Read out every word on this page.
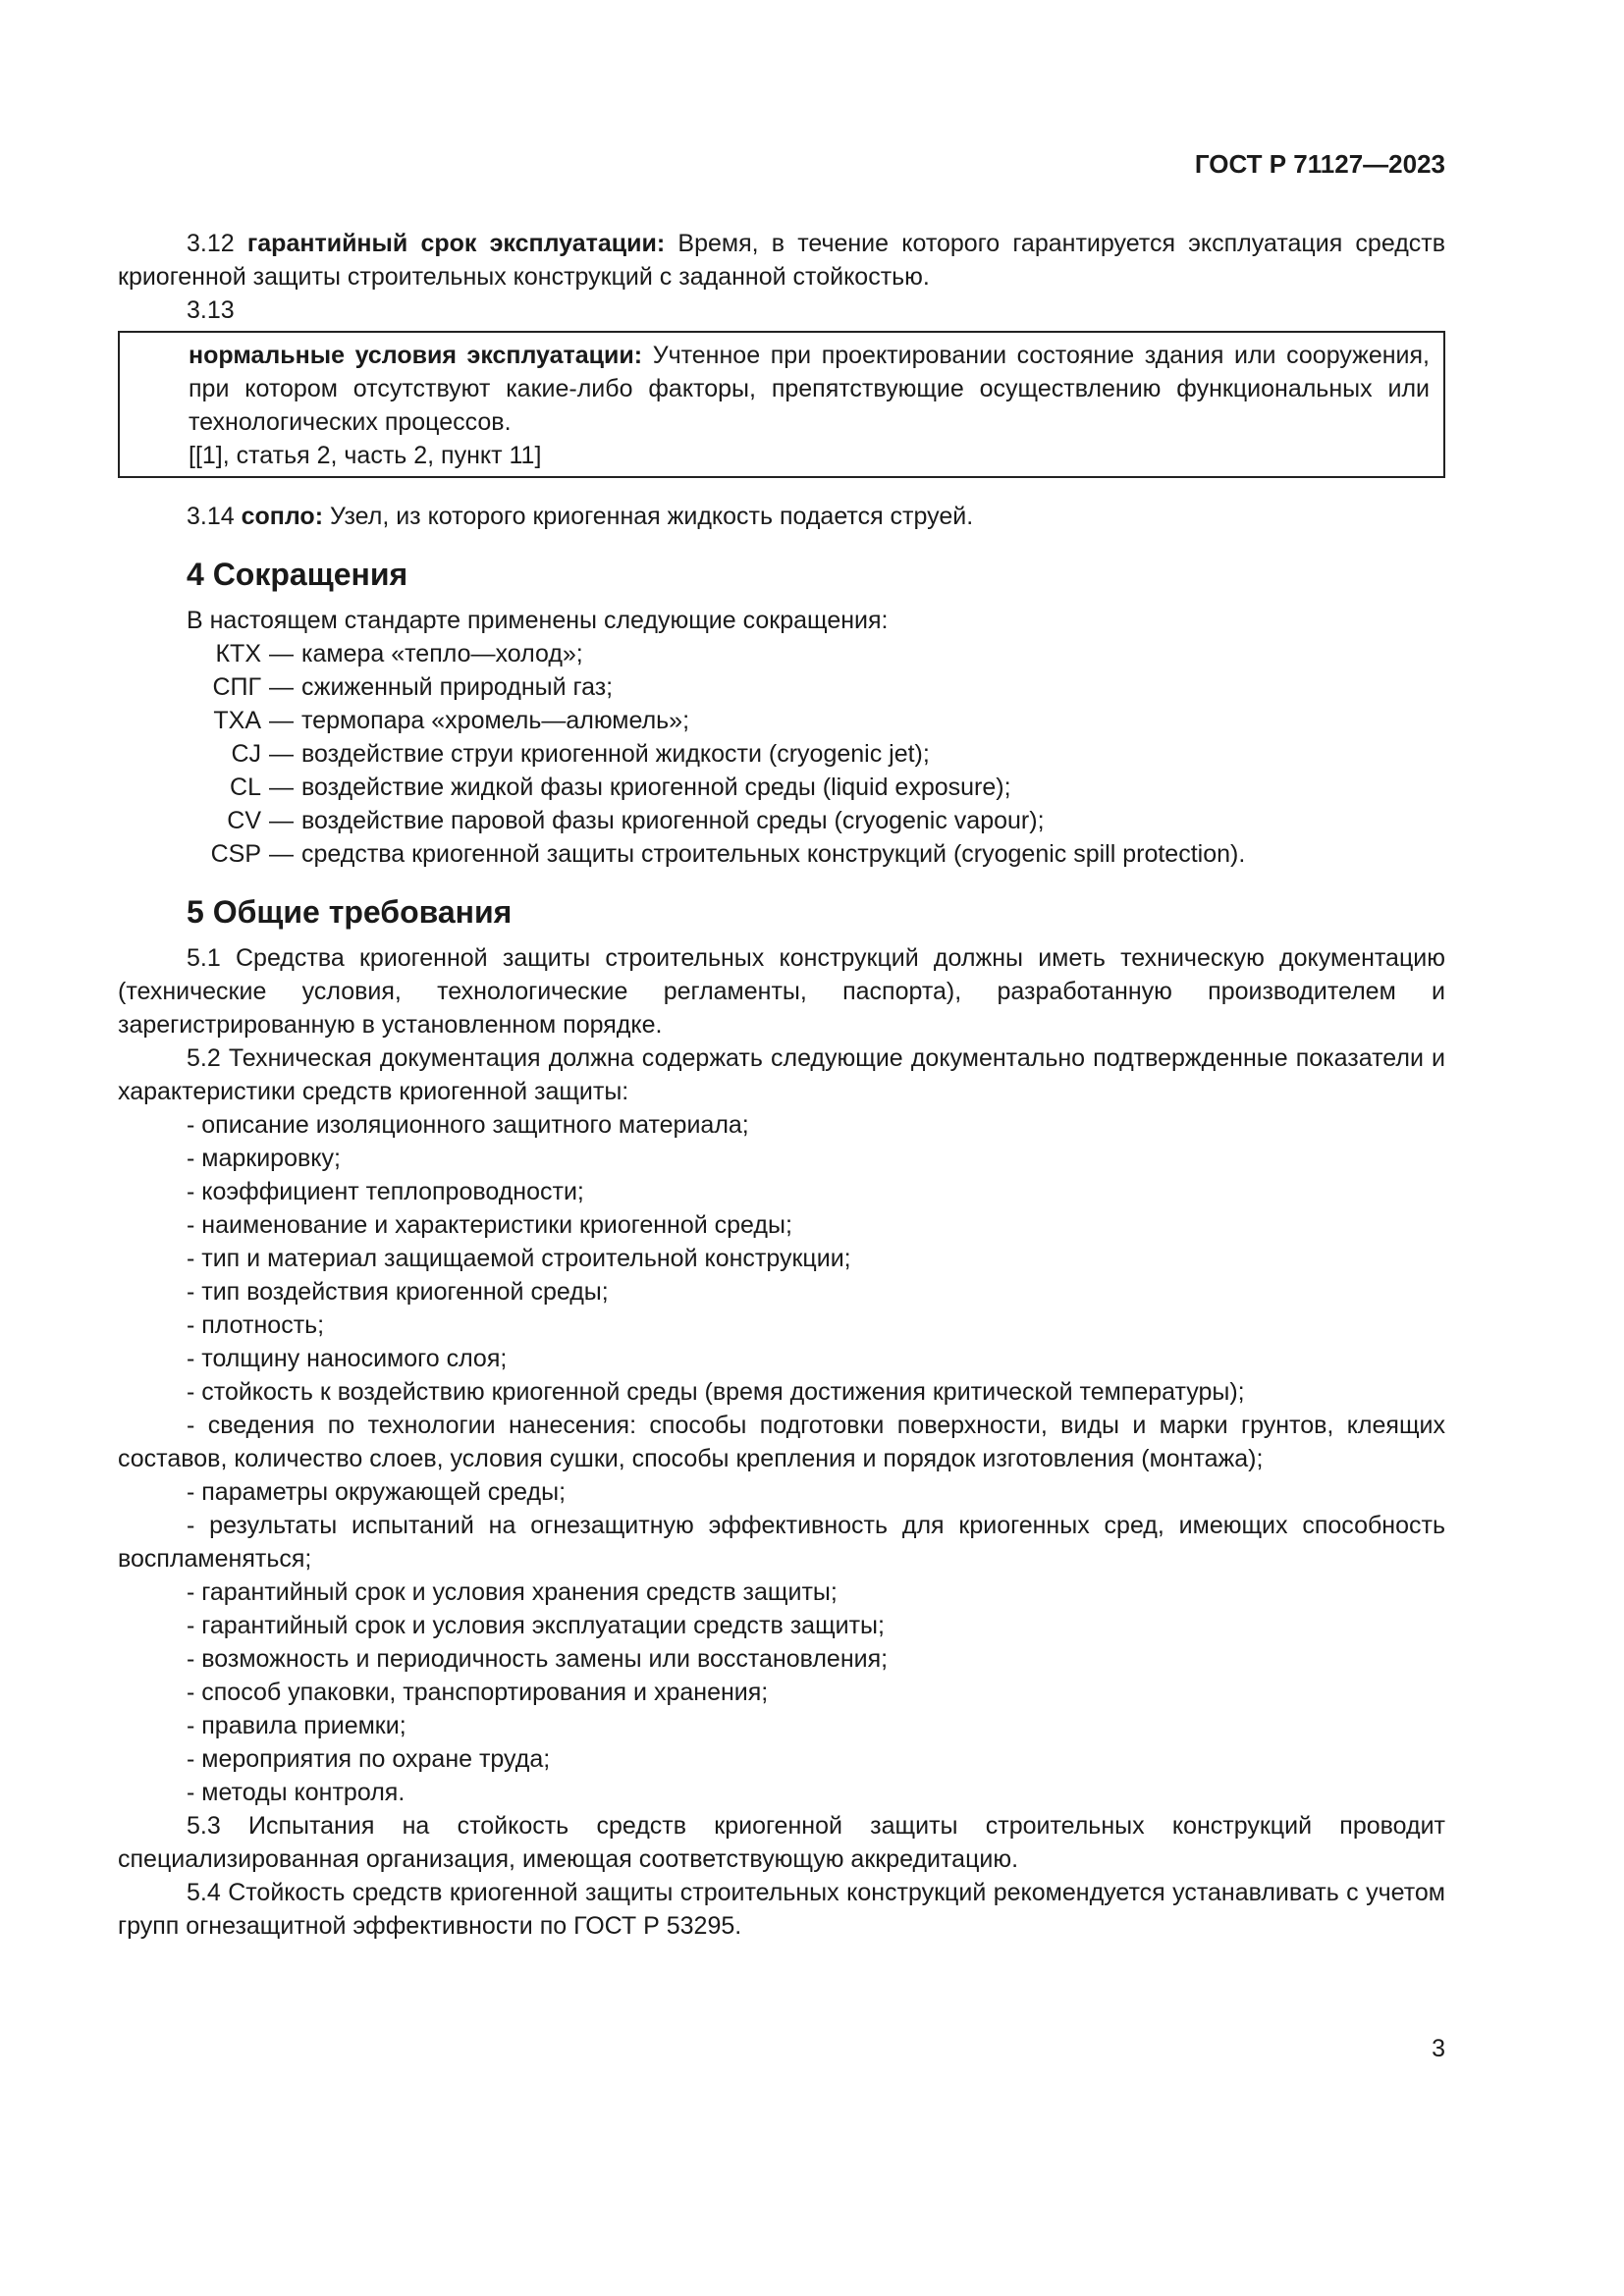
ГОСТ Р 71127—2023

3.12 гарантийный срок эксплуатации: Время, в течение которого гарантируется эксплуатация средств криогенной защиты строительных конструкций с заданной стойкостью.

3.13

нормальные условия эксплуатации: Учтенное при проектировании состояние здания или сооружения, при котором отсутствуют какие-либо факторы, препятствующие осуществлению функциональных или технологических процессов.

[[1], статья 2, часть 2, пункт 11]

3.14 сопло: Узел, из которого криогенная жидкость подается струей.

4 Сокращения

В настоящем стандарте применены следующие сокращения:

КТХ — камера «тепло—холод»;
СПГ — сжиженный природный газ;
ТХА — термопара «хромель—алюмель»;
CJ — воздействие струи криогенной жидкости (cryogenic jet);
CL — воздействие жидкой фазы криогенной среды (liquid exposure);
CV — воздействие паровой фазы криогенной среды (cryogenic vapour);
CSP — средства криогенной защиты строительных конструкций (cryogenic spill protection).
5 Общие требования

5.1 Средства криогенной защиты строительных конструкций должны иметь техническую документацию (технические условия, технологические регламенты, паспорта), разработанную производителем и зарегистрированную в установленном порядке.

5.2 Техническая документация должна содержать следующие документально подтвержденные показатели и характеристики средств криогенной защиты:

- описание изоляционного защитного материала;

- маркировку;

- коэффициент теплопроводности;

- наименование и характеристики криогенной среды;

- тип и материал защищаемой строительной конструкции;

- тип воздействия криогенной среды;

- плотность;

- толщину наносимого слоя;

- стойкость к воздействию криогенной среды (время достижения критической температуры);

- сведения по технологии нанесения: способы подготовки поверхности, виды и марки грунтов, клеящих составов, количество слоев, условия сушки, способы крепления и порядок изготовления (монтажа);

- параметры окружающей среды;

- результаты испытаний на огнезащитную эффективность для криогенных сред, имеющих способность воспламеняться;

- гарантийный срок и условия хранения средств защиты;

- гарантийный срок и условия эксплуатации средств защиты;

- возможность и периодичность замены или восстановления;

- способ упаковки, транспортирования и хранения;

- правила приемки;

- мероприятия по охране труда;

- методы контроля.

5.3 Испытания на стойкость средств криогенной защиты строительных конструкций проводит специализированная организация, имеющая соответствующую аккредитацию.

5.4 Стойкость средств криогенной защиты строительных конструкций рекомендуется устанавливать с учетом групп огнезащитной эффективности по ГОСТ Р 53295.

3
